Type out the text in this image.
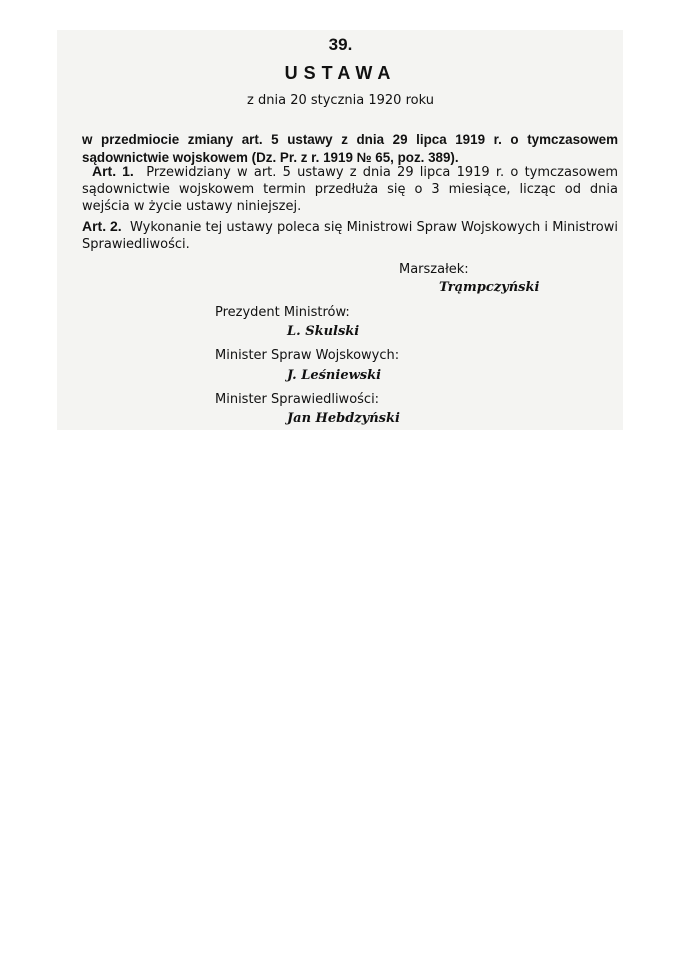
39.

USTAWA

z dnia 20 stycznia 1920 roku

w przedmiocie zmiany art. 5 ustawy z dnia 29 lipca 1919 r. o tymczasowem sądownictwie wojskowem (Dz. Pr. z r. 1919 № 65, poz. 389).

Art. 1. Przewidziany w art. 5 ustawy z dnia 29 lipca 1919 r. o tymczasowem sądownictwie wojskowem termin przedłuża się o 3 miesiące, licząc od dnia wejścia w życie ustawy niniejszej.

Art. 2. Wykonanie tej ustawy poleca się Ministrowi Spraw Wojskowych i Ministrowi Sprawiedliwości.

Marszałek:

Trąmpczyński

Prezydent Ministrów:

L. Skulski

Minister Spraw Wojskowych:

J. Leśniewski

Minister Sprawiedliwości:

Jan Hebdzyński
